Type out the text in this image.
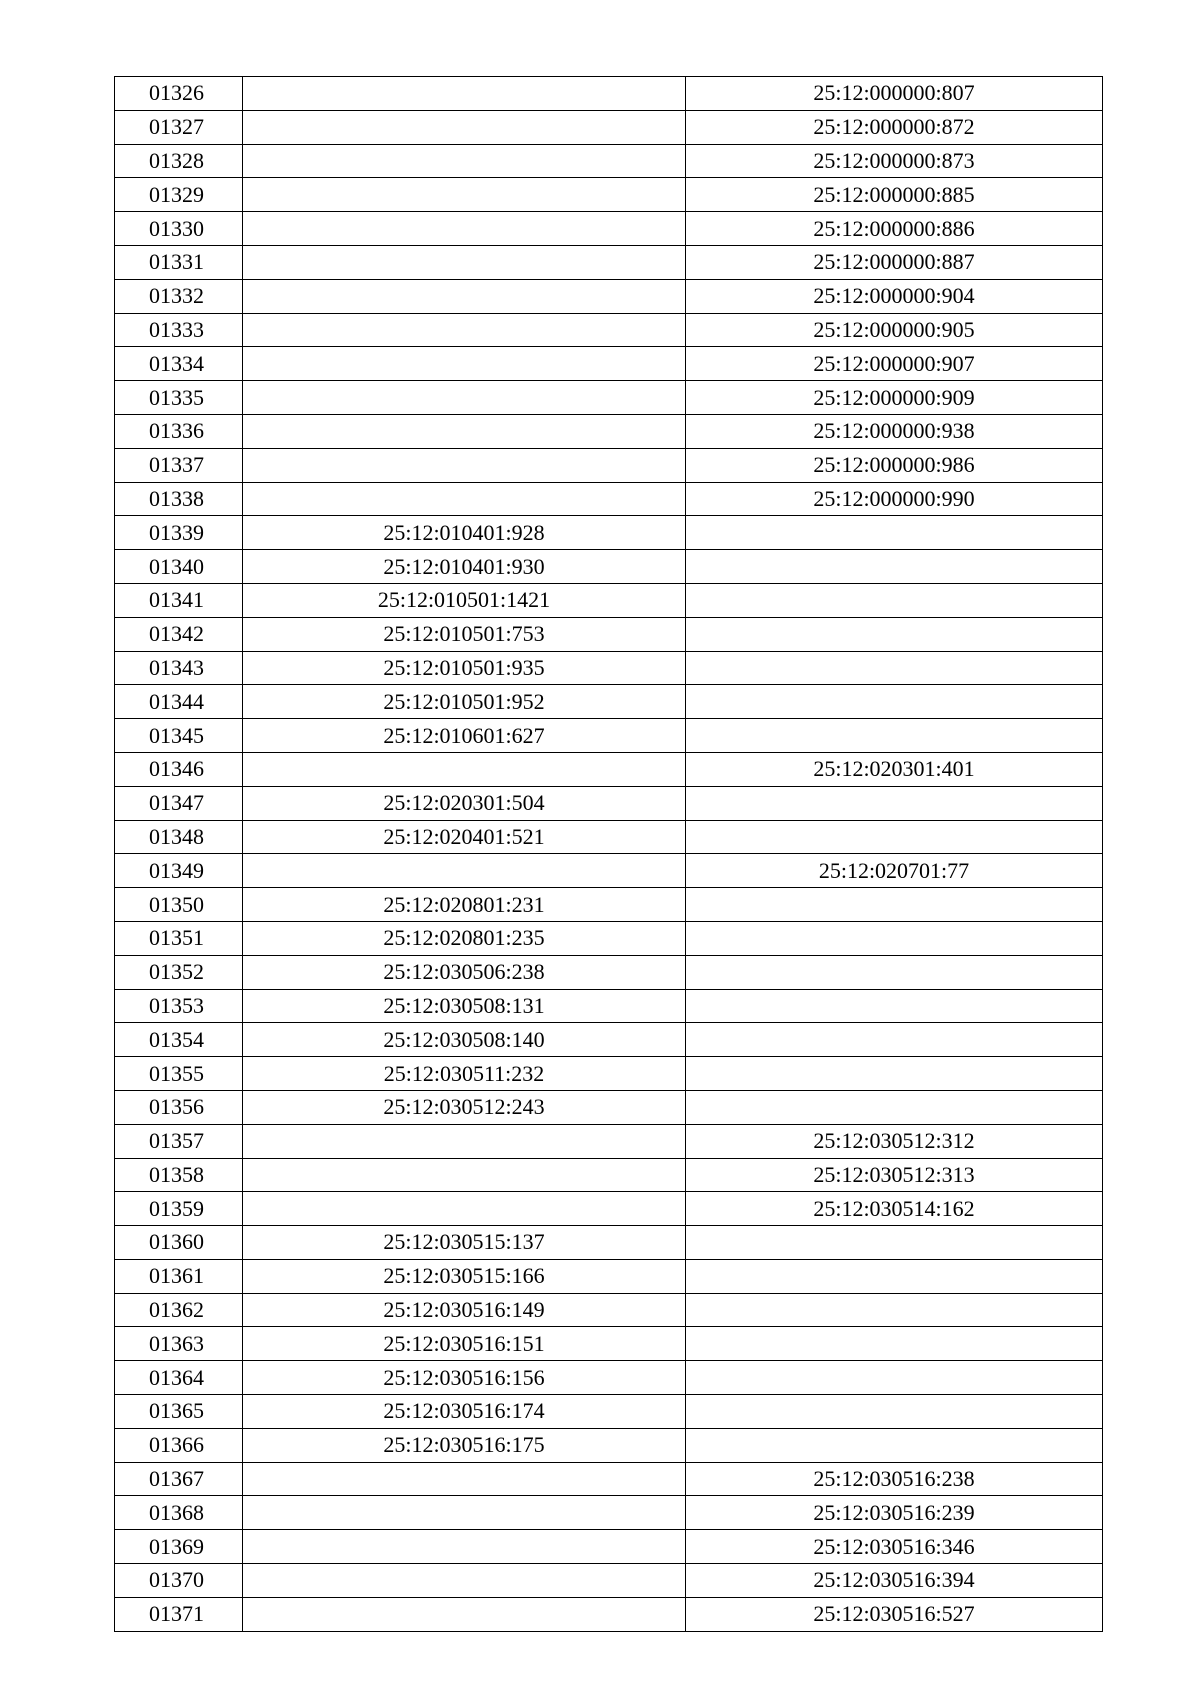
01326		25:12:000000:807
01327		25:12:000000:872
01328		25:12:000000:873
01329		25:12:000000:885
01330		25:12:000000:886
01331		25:12:000000:887
01332		25:12:000000:904
01333		25:12:000000:905
01334		25:12:000000:907
01335		25:12:000000:909
01336		25:12:000000:938
01337		25:12:000000:986
01338		25:12:000000:990
01339	25:12:010401:928	
01340	25:12:010401:930	
01341	25:12:010501:1421	
01342	25:12:010501:753	
01343	25:12:010501:935	
01344	25:12:010501:952	
01345	25:12:010601:627	
01346		25:12:020301:401
01347	25:12:020301:504	
01348	25:12:020401:521	
01349		25:12:020701:77
01350	25:12:020801:231	
01351	25:12:020801:235	
01352	25:12:030506:238	
01353	25:12:030508:131	
01354	25:12:030508:140	
01355	25:12:030511:232	
01356	25:12:030512:243	
01357		25:12:030512:312
01358		25:12:030512:313
01359		25:12:030514:162
01360	25:12:030515:137	
01361	25:12:030515:166	
01362	25:12:030516:149	
01363	25:12:030516:151	
01364	25:12:030516:156	
01365	25:12:030516:174	
01366	25:12:030516:175	
01367		25:12:030516:238
01368		25:12:030516:239
01369		25:12:030516:346
01370		25:12:030516:394
01371		25:12:030516:527
